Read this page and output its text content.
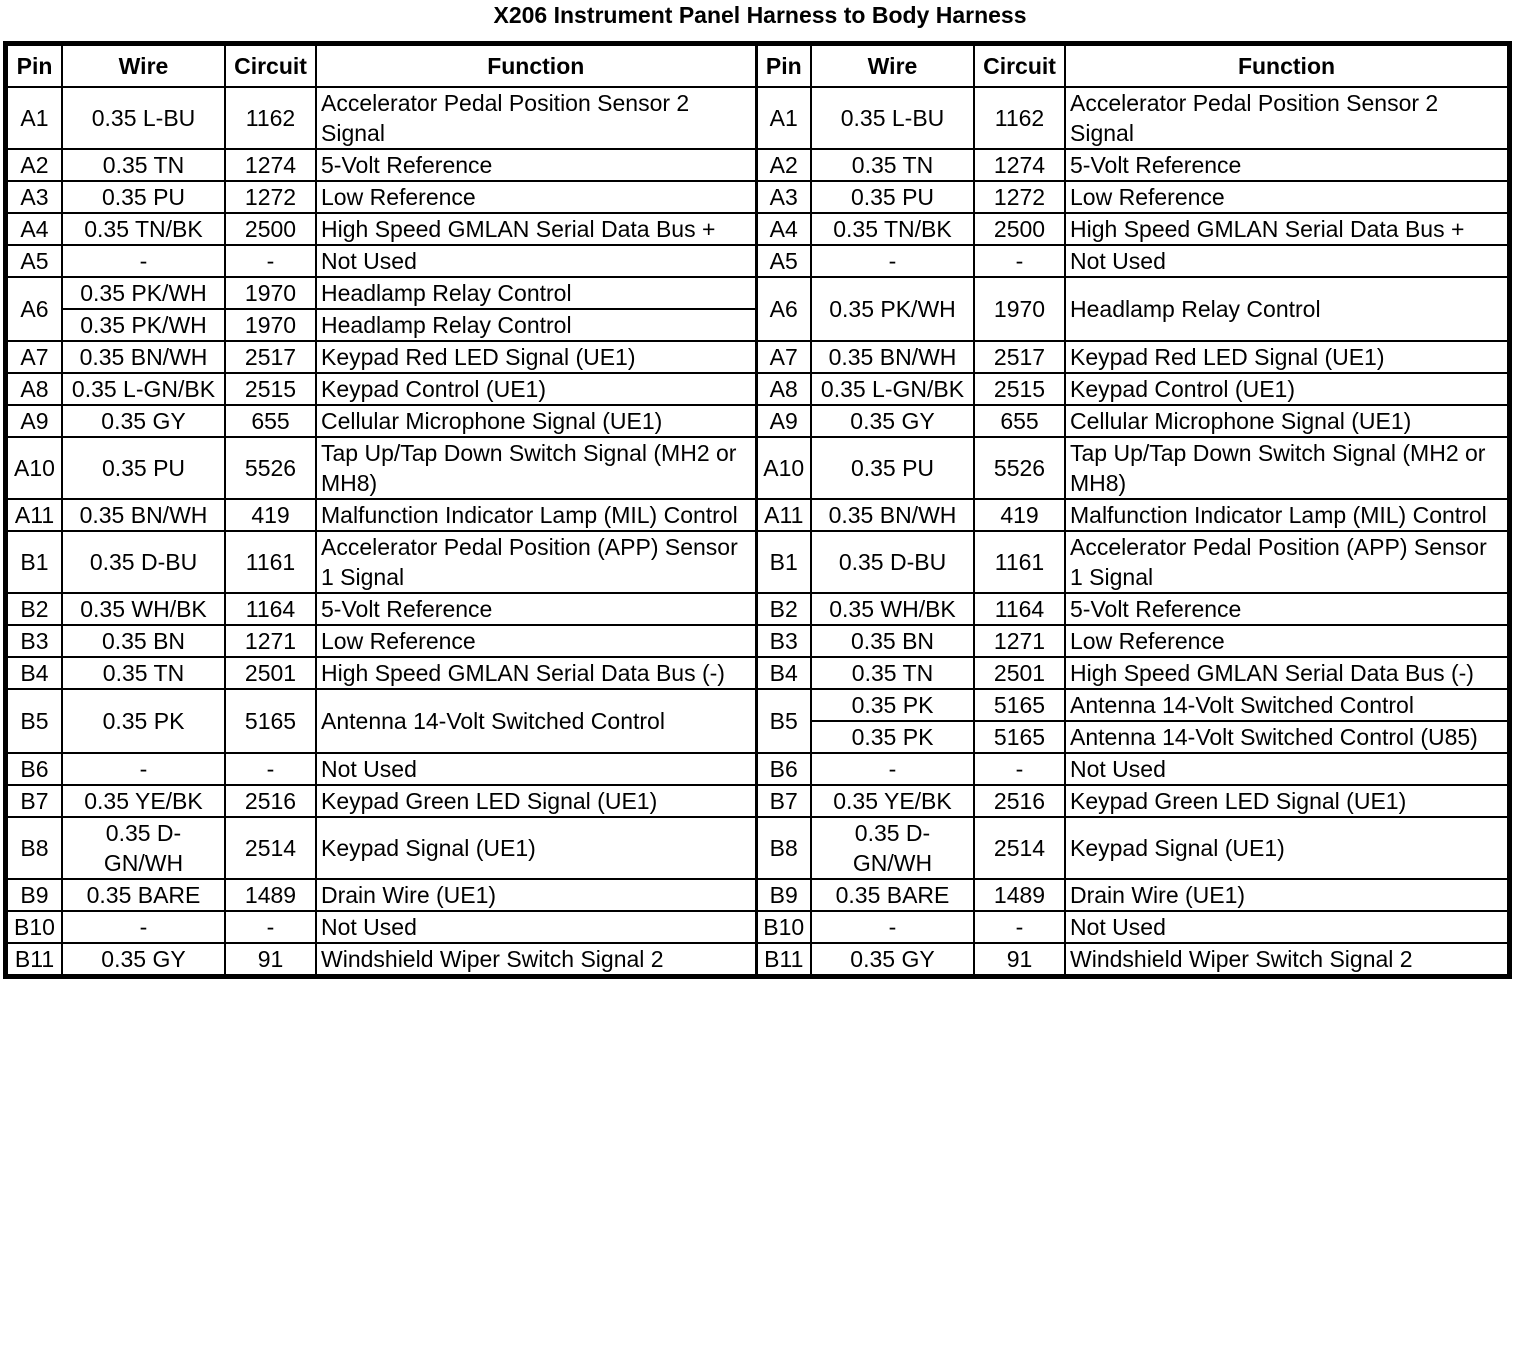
X206 Instrument Panel Harness to Body Harness
Pin	Wire	Circuit	Function	Pin	Wire	Circuit	Function
A1	0.35 L-BU	1162	Accelerator Pedal Position Sensor 2 Signal	A1	0.35 L-BU	1162	Accelerator Pedal Position Sensor 2 Signal
A2	0.35 TN	1274	5-Volt Reference	A2	0.35 TN	1274	5-Volt Reference
A3	0.35 PU	1272	Low Reference	A3	0.35 PU	1272	Low Reference
A4	0.35 TN/BK	2500	High Speed GMLAN Serial Data Bus +	A4	0.35 TN/BK	2500	High Speed GMLAN Serial Data Bus +
A5	-	-	Not Used	A5	-	-	Not Used
A6	0.35 PK/WH	1970	Headlamp Relay Control	A6	0.35 PK/WH	1970	Headlamp Relay Control
	0.35 PK/WH	1970	Headlamp Relay Control				
A7	0.35 BN/WH	2517	Keypad Red LED Signal (UE1)	A7	0.35 BN/WH	2517	Keypad Red LED Signal (UE1)
A8	0.35 L-GN/BK	2515	Keypad Control (UE1)	A8	0.35 L-GN/BK	2515	Keypad Control (UE1)
A9	0.35 GY	655	Cellular Microphone Signal (UE1)	A9	0.35 GY	655	Cellular Microphone Signal (UE1)
A10	0.35 PU	5526	Tap Up/Tap Down Switch Signal (MH2 or MH8)	A10	0.35 PU	5526	Tap Up/Tap Down Switch Signal (MH2 or MH8)
A11	0.35 BN/WH	419	Malfunction Indicator Lamp (MIL) Control	A11	0.35 BN/WH	419	Malfunction Indicator Lamp (MIL) Control
B1	0.35 D-BU	1161	Accelerator Pedal Position (APP) Sensor 1 Signal	B1	0.35 D-BU	1161	Accelerator Pedal Position (APP) Sensor 1 Signal
B2	0.35 WH/BK	1164	5-Volt Reference	B2	0.35 WH/BK	1164	5-Volt Reference
B3	0.35 BN	1271	Low Reference	B3	0.35 BN	1271	Low Reference
B4	0.35 TN	2501	High Speed GMLAN Serial Data Bus (-)	B4	0.35 TN	2501	High Speed GMLAN Serial Data Bus (-)
B5	0.35 PK	5165	Antenna 14-Volt Switched Control	B5	0.35 PK	5165	Antenna 14-Volt Switched Control
					0.35 PK	5165	Antenna 14-Volt Switched Control (U85)
B6	-	-	Not Used	B6	-	-	Not Used
B7	0.35 YE/BK	2516	Keypad Green LED Signal (UE1)	B7	0.35 YE/BK	2516	Keypad Green LED Signal (UE1)
B8	0.35 D-GN/WH	2514	Keypad Signal (UE1)	B8	0.35 D-GN/WH	2514	Keypad Signal (UE1)
B9	0.35 BARE	1489	Drain Wire (UE1)	B9	0.35 BARE	1489	Drain Wire (UE1)
B10	-	-	Not Used	B10	-	-	Not Used
B11	0.35 GY	91	Windshield Wiper Switch Signal 2	B11	0.35 GY	91	Windshield Wiper Switch Signal 2
